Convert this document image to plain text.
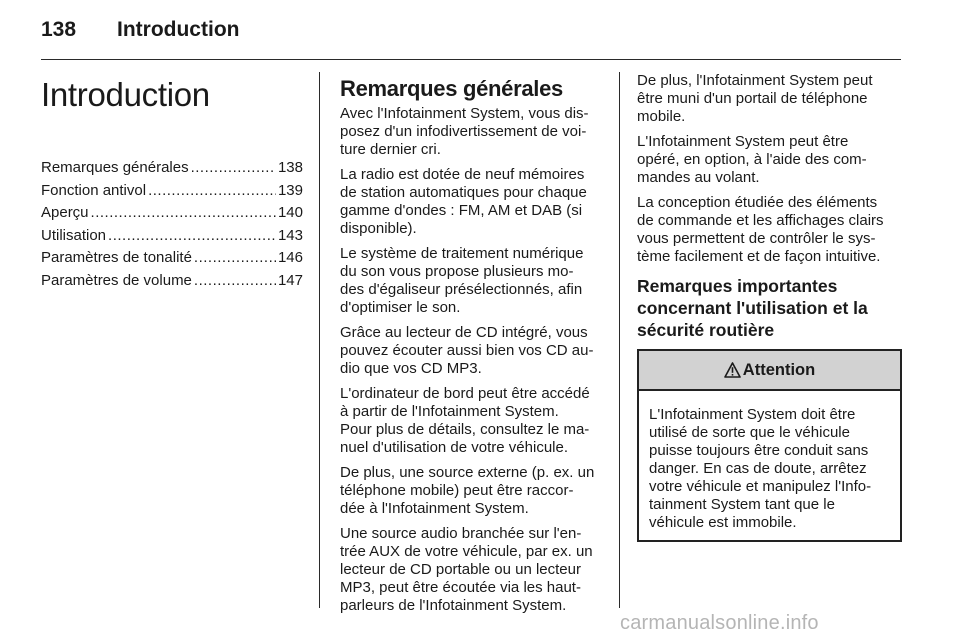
138 Introduction
Introduction
Remarques générales .....	138
Fonction antivol .....	139
Aperçu .....	140
Utilisation .....	143
Paramètres de tonalité .....	146
Paramètres de volume .....	147
Remarques générales

Avec l'Infotainment System, vous dis-
posez d'un infodivertissement de voi-
ture dernier cri.

La radio est dotée de neuf mémoires
de station automatiques pour chaque
gamme d'ondes : FM, AM et DAB (si
disponible).

Le système de traitement numérique
du son vous propose plusieurs mo-
des d'égaliseur présélectionnés, afin
d'optimiser le son.

Grâce au lecteur de CD intégré, vous
pouvez écouter aussi bien vos CD au-
dio que vos CD MP3.

L'ordinateur de bord peut être accédé
à partir de l'Infotainment System.
Pour plus de détails, consultez le ma-
nuel d'utilisation de votre véhicule.

De plus, une source externe (p. ex. un
téléphone mobile) peut être raccor-
dée à l'Infotainment System.

Une source audio branchée sur l'en-
trée AUX de votre véhicule, par ex. un
lecteur de CD portable ou un lecteur
MP3, peut être écoutée via les haut-
parleurs de l'Infotainment System.

De plus, l'Infotainment System peut
être muni d'un portail de téléphone
mobile.

L'Infotainment System peut être
opéré, en option, à l'aide des com-
mandes au volant.

La conception étudiée des éléments
de commande et les affichages clairs
vous permettent de contrôler le sys-
tème facilement et de façon intuitive.

Remarques importantes
concernant l'utilisation et la
sécurité routière
Attention
L'Infotainment System doit être
utilisé de sorte que le véhicule
puisse toujours être conduit sans
danger. En cas de doute, arrêtez
votre véhicule et manipulez l'Info-
tainment System tant que le
véhicule est immobile.
carmanualsonline.info
